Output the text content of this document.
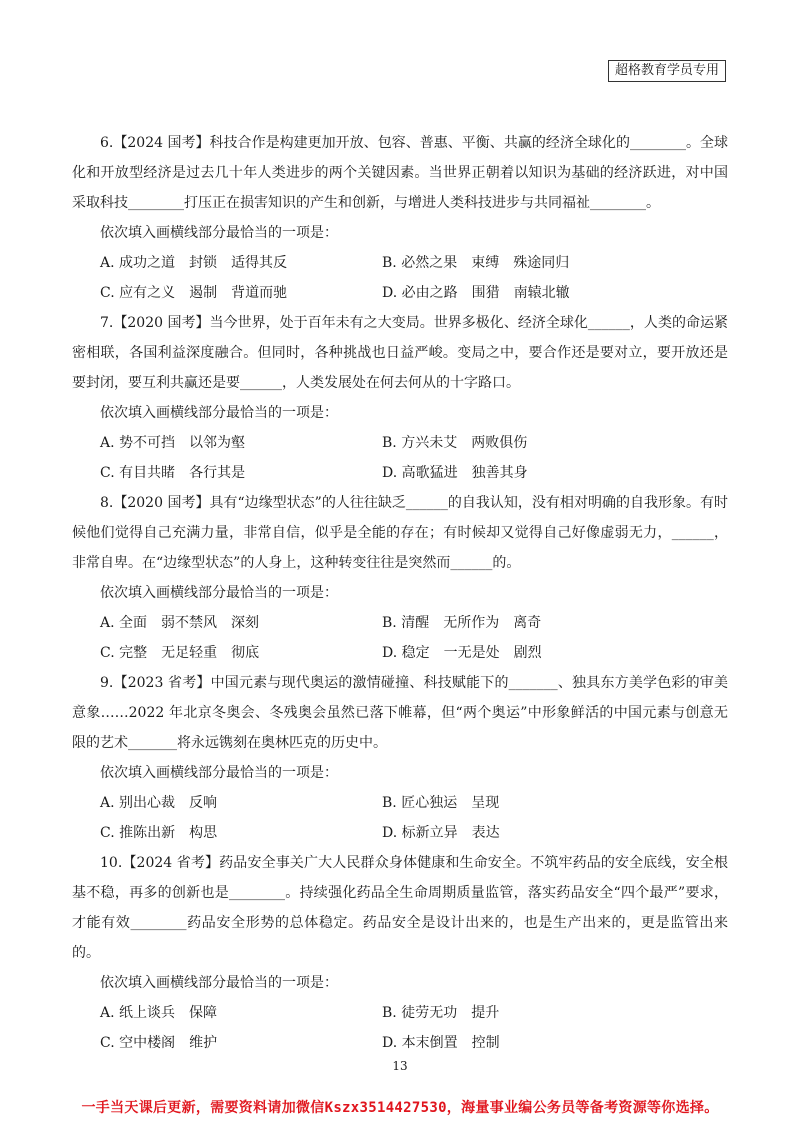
超格教育学员专用

6.【2024 国考】科技合作是构建更加开放、包容、普惠、平衡、共赢的经济全球化的________。全球化和开放型经济是过去几十年人类进步的两个关键因素。当世界正朝着以知识为基础的经济跃进，对中国采取科技________打压正在损害知识的产生和创新，与增进人类科技进步与共同福祉________。

依次填入画横线部分最恰当的一项是：

A. 成功之道　封锁　适得其反	B. 必然之果　束缚　殊途同归
C. 应有之义　遏制　背道而驰	D. 必由之路　围猎　南辕北辙

7.【2020 国考】当今世界，处于百年未有之大变局。世界多极化、经济全球化______，人类的命运紧密相联，各国利益深度融合。但同时，各种挑战也日益严峻。变局之中，要合作还是要对立，要开放还是要封闭，要互利共赢还是要______，人类发展处在何去何从的十字路口。

依次填入画横线部分最恰当的一项是：

A. 势不可挡　以邻为壑	B. 方兴未艾　两败俱伤
C. 有目共睹　各行其是	D. 高歌猛进　独善其身

8.【2020 国考】具有“边缘型状态”的人往往缺乏______的自我认知，没有相对明确的自我形象。有时候他们觉得自己充满力量，非常自信，似乎是全能的存在；有时候却又觉得自己好像虚弱无力，______，非常自卑。在“边缘型状态”的人身上，这种转变往往是突然而______的。

依次填入画横线部分最恰当的一项是：

A. 全面　弱不禁风　深刻	B. 清醒　无所作为　离奇
C. 完整　无足轻重　彻底	D. 稳定　一无是处　剧烈

9.【2023 省考】中国元素与现代奥运的激情碰撞、科技赋能下的_______、独具东方美学色彩的审美意象……2022 年北京冬奥会、冬残奥会虽然已落下帷幕，但“两个奥运”中形象鲜活的中国元素与创意无限的艺术_______将永远镌刻在奥林匹克的历史中。

依次填入画横线部分最恰当的一项是：

A. 别出心裁　反响	B. 匠心独运　呈现
C. 推陈出新　构思	D. 标新立异　表达

10.【2024 省考】药品安全事关广大人民群众身体健康和生命安全。不筑牢药品的安全底线，安全根基不稳，再多的创新也是________。持续强化药品全生命周期质量监管，落实药品安全“四个最严”要求，才能有效________药品安全形势的总体稳定。药品安全是设计出来的，也是生产出来的，更是监管出来的。

依次填入画横线部分最恰当的一项是：

A. 纸上谈兵　保障	B. 徒劳无功　提升
C. 空中楼阁　维护	D. 本末倒置　控制
13
一手当天课后更新，需要资料请加微信Kszx3514427530，海量事业编公务员等备考资源等你选择。
